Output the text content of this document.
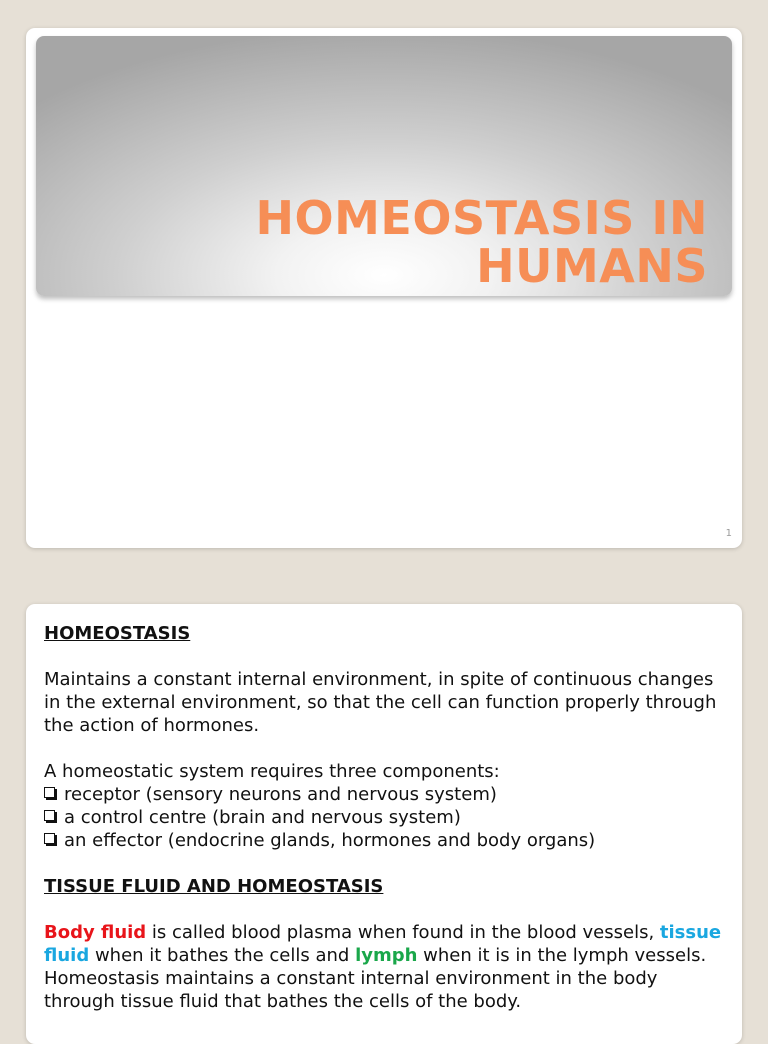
HOMEOSTASIS IN
HUMANS
1

HOMEOSTASIS

Maintains a constant internal environment, in spite of continuous changes in the external environment, so that the cell can function properly through the action of hormones.

A homeostatic system requires three components:

receptor (sensory neurons and nervous system)
a control centre (brain and nervous system)
an effector (endocrine glands, hormones and body organs)

TISSUE FLUID AND HOMEOSTASIS

Body fluid is called blood plasma when found in the blood vessels, tissue fluid when it bathes the cells and lymph when it is in the lymph vessels.

Homeostasis maintains a constant internal environment in the body through tissue fluid that bathes the cells of the body.
